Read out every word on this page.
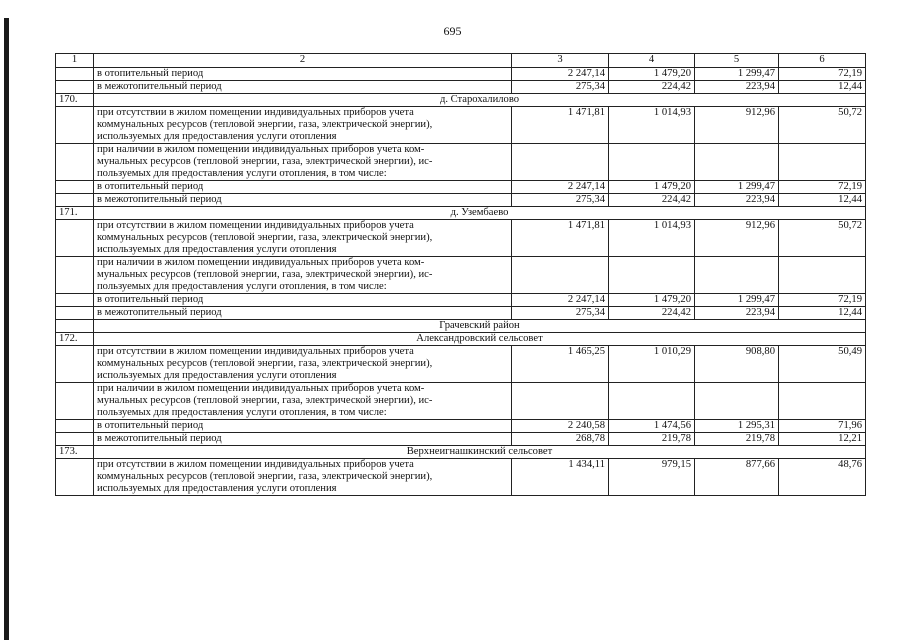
695
1	2	3	4	5	6
	в отопительный период	2 247,14	1 479,20	1 299,47	72,19
	в межотопительный период	275,34	224,42	223,94	12,44
170.	д. Старохалилово				

	при отсутствии в жилом помещении индивидуальных приборов учета
коммунальных ресурсов (тепловой энергии, газа, электрической энергии),
используемых для предоставления услуги отопления	1 471,81	1 014,93	912,96	50,72

	при наличии в жилом помещении индивидуальных приборов учета ком-
мунальных ресурсов (тепловой энергии, газа, электрической энергии), ис-
пользуемых для предоставления услуги отопления, в том числе:				

	в отопительный период	2 247,14	1 479,20	1 299,47	72,19
	в межотопительный период	275,34	224,42	223,94	12,44
171.	д. Узембаево				

	при отсутствии в жилом помещении индивидуальных приборов учета
коммунальных ресурсов (тепловой энергии, газа, электрической энергии),
используемых для предоставления услуги отопления	1 471,81	1 014,93	912,96	50,72

	при наличии в жилом помещении индивидуальных приборов учета ком-
мунальных ресурсов (тепловой энергии, газа, электрической энергии), ис-
пользуемых для предоставления услуги отопления, в том числе:				

	в отопительный период	2 247,14	1 479,20	1 299,47	72,19
	в межотопительный период	275,34	224,42	223,94	12,44
	Грачевский район				
172.	Александровский сельсовет				

	при отсутствии в жилом помещении индивидуальных приборов учета
коммунальных ресурсов (тепловой энергии, газа, электрической энергии),
используемых для предоставления услуги отопления	1 465,25	1 010,29	908,80	50,49

	при наличии в жилом помещении индивидуальных приборов учета ком-
мунальных ресурсов (тепловой энергии, газа, электрической энергии), ис-
пользуемых для предоставления услуги отопления, в том числе:				

	в отопительный период	2 240,58	1 474,56	1 295,31	71,96
	в межотопительный период	268,78	219,78	219,78	12,21
173.	Верхнеигнашкинский сельсовет				

	при отсутствии в жилом помещении индивидуальных приборов учета
коммунальных ресурсов (тепловой энергии, газа, электрической энергии),
используемых для предоставления услуги отопления	1 434,11	979,15	877,66	48,76
